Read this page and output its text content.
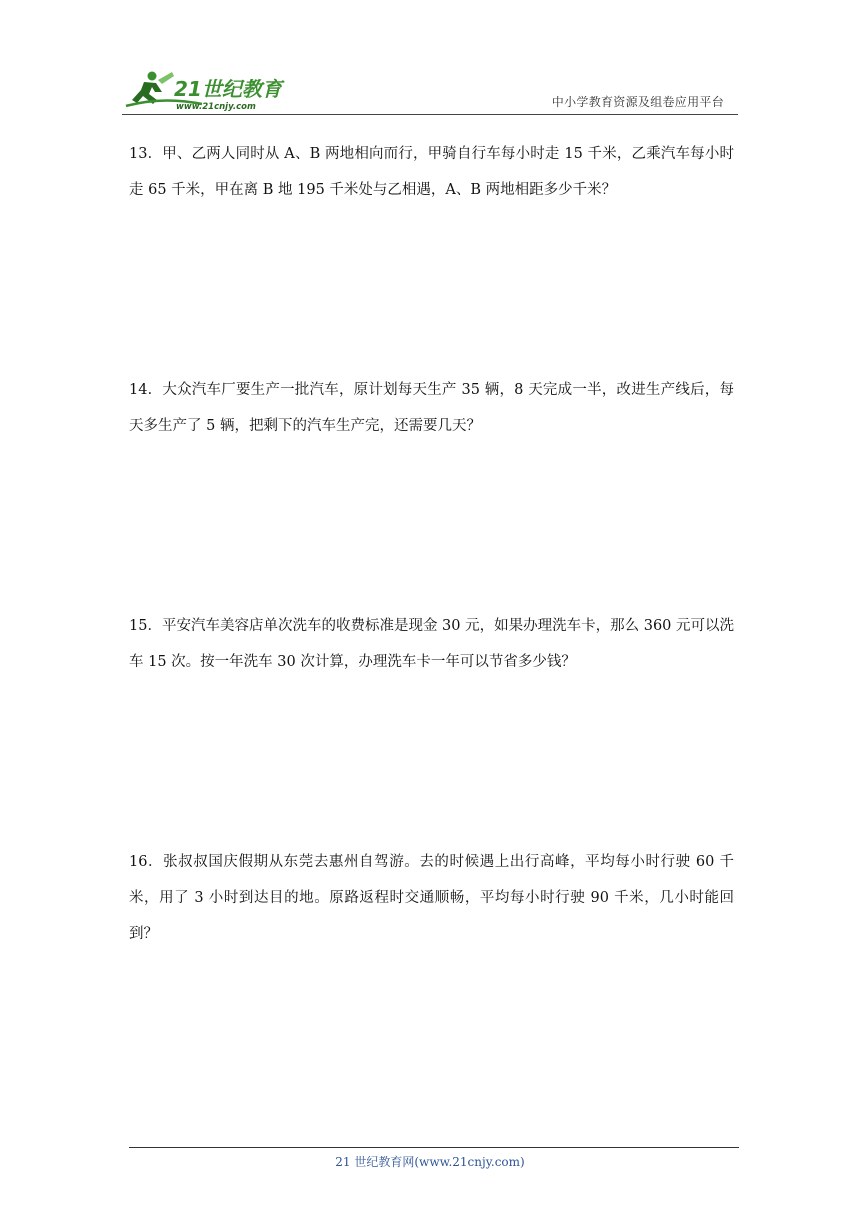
21世纪教育
www.21cnjy.com	中小学教育资源及组卷应用平台
13．甲、乙两人同时从 A、B 两地相向而行，甲骑自行车每小时走 15 千米，乙乘汽车每小时走 65 千米，甲在离 B 地 195 千米处与乙相遇，A、B 两地相距多少千米？
14．大众汽车厂要生产一批汽车，原计划每天生产 35 辆，8 天完成一半，改进生产线后，每天多生产了 5 辆，把剩下的汽车生产完，还需要几天？
15．平安汽车美容店单次洗车的收费标准是现金 30 元，如果办理洗车卡，那么 360 元可以洗车 15 次。按一年洗车 30 次计算，办理洗车卡一年可以节省多少钱？
16．张叔叔国庆假期从东莞去惠州自驾游。去的时候遇上出行高峰，平均每小时行驶 60 千米，用了 3 小时到达目的地。原路返程时交通顺畅，平均每小时行驶 90 千米，几小时能回到？
21 世纪教育网(www.21cnjy.com)
